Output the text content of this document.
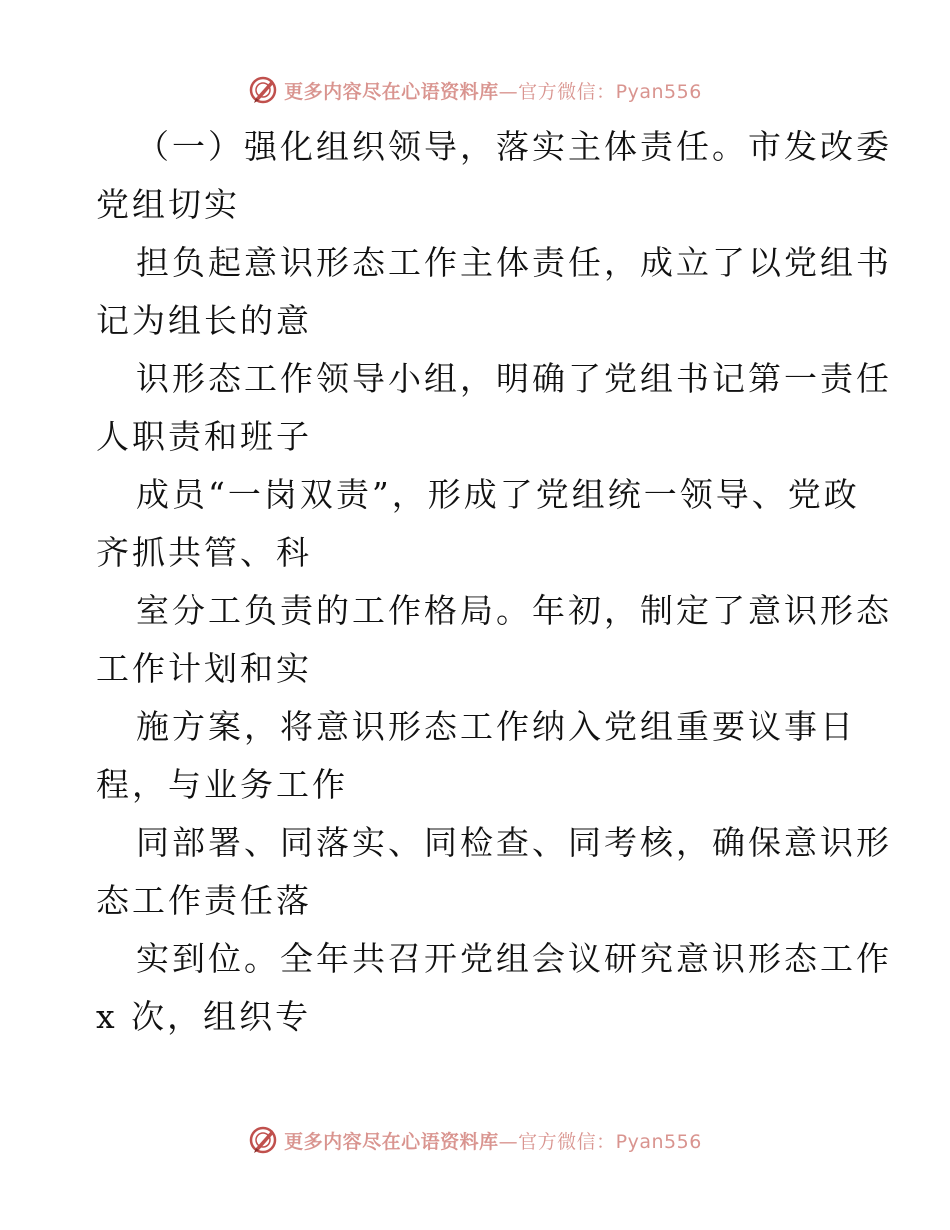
更多内容尽在心语资料库—官方微信：Pyan556
（一）强化组织领导，落实主体责任。市发改委
党组切实
担负起意识形态工作主体责任，成立了以党组书
记为组长的意
识形态工作领导小组，明确了党组书记第一责任
人职责和班子
成员“一岗双责”，形成了党组统一领导、党政
齐抓共管、科
室分工负责的工作格局。年初，制定了意识形态
工作计划和实
施方案，将意识形态工作纳入党组重要议事日
程，与业务工作
同部署、同落实、同检查、同考核，确保意识形
态工作责任落
实到位。全年共召开党组会议研究意识形态工作
x 次，组织专
更多内容尽在心语资料库—官方微信：Pyan556
